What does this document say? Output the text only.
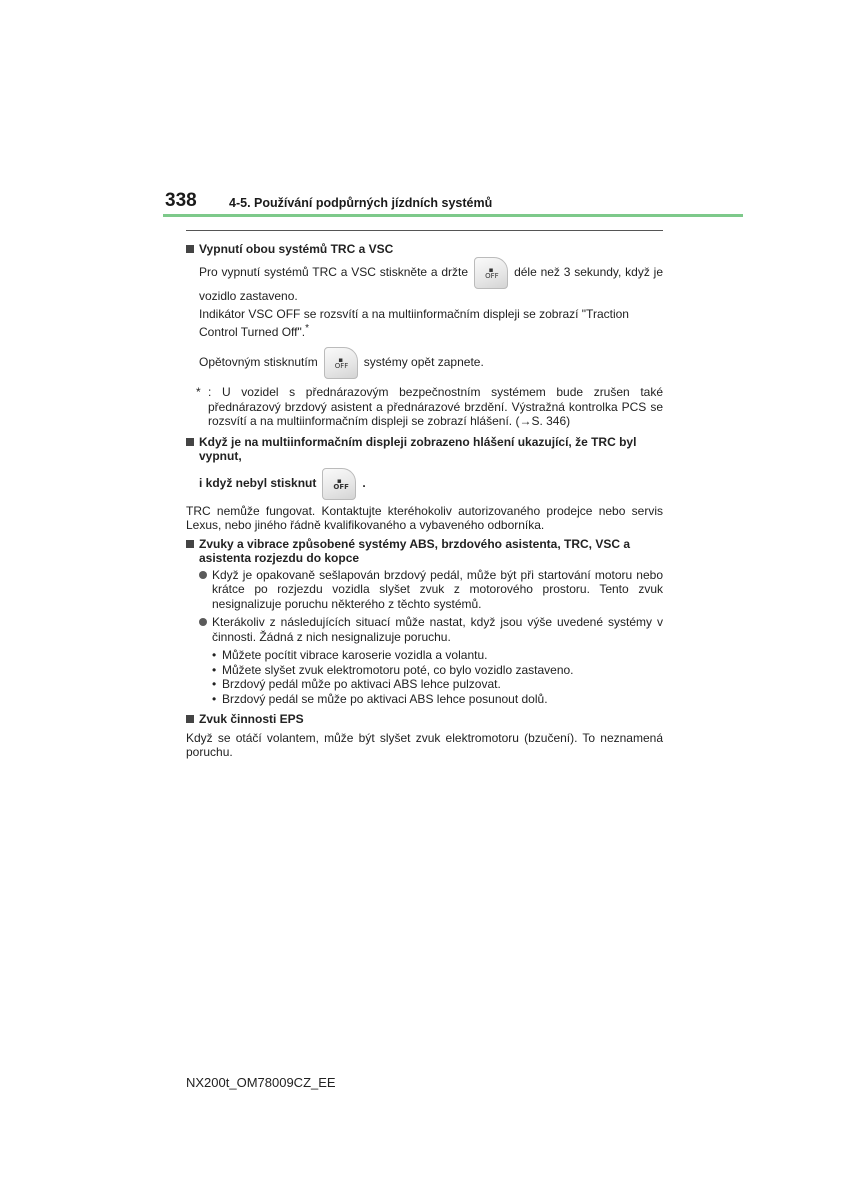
338	4-5. Používání podpůrných jízdních systémů
Vypnutí obou systémů TRC a VSC
Pro vypnutí systémů TRC a VSC stiskněte a držte	▪
OFF déle než 3 sekundy, když je vozidlo zastaveno.
Indikátor VSC OFF se rozsvítí a na multiinformačním displeji se zobrazí "Traction Control Turned Off".*
Opětovným stisknutím	▪
OFF systémy opět zapnete.
* : U vozidel s přednárazovým bezpečnostním systémem bude zrušen také přednárazový brzdový asistent a přednárazové brzdění. Výstražná kontrolka PCS se rozsvítí a na multiinformačním displeji se zobrazí hlášení. (→S. 346)
Když je na multiinformačním displeji zobrazeno hlášení ukazující, že TRC byl vypnut,
i když nebyl stisknut	▪
OFF .
TRC nemůže fungovat. Kontaktujte kteréhokoliv autorizovaného prodejce nebo servis Lexus, nebo jiného řádně kvalifikovaného a vybaveného odborníka.
Zvuky a vibrace způsobené systémy ABS, brzdového asistenta, TRC, VSC a asistenta rozjezdu do kopce
Když je opakovaně sešlapován brzdový pedál, může být při startování motoru nebo krátce po rozjezdu vozidla slyšet zvuk z motorového prostoru. Tento zvuk nesignalizuje poruchu některého z těchto systémů.
Kterákoliv z následujících situací může nastat, když jsou výše uvedené systémy v činnosti. Žádná z nich nesignalizuje poruchu.
• Můžete pocítit vibrace karoserie vozidla a volantu.
• Můžete slyšet zvuk elektromotoru poté, co bylo vozidlo zastaveno.
• Brzdový pedál může po aktivaci ABS lehce pulzovat.
• Brzdový pedál se může po aktivaci ABS lehce posunout dolů.
Zvuk činnosti EPS
Když se otáčí volantem, může být slyšet zvuk elektromotoru (bzučení). To neznamená poruchu.
NX200t_OM78009CZ_EE
